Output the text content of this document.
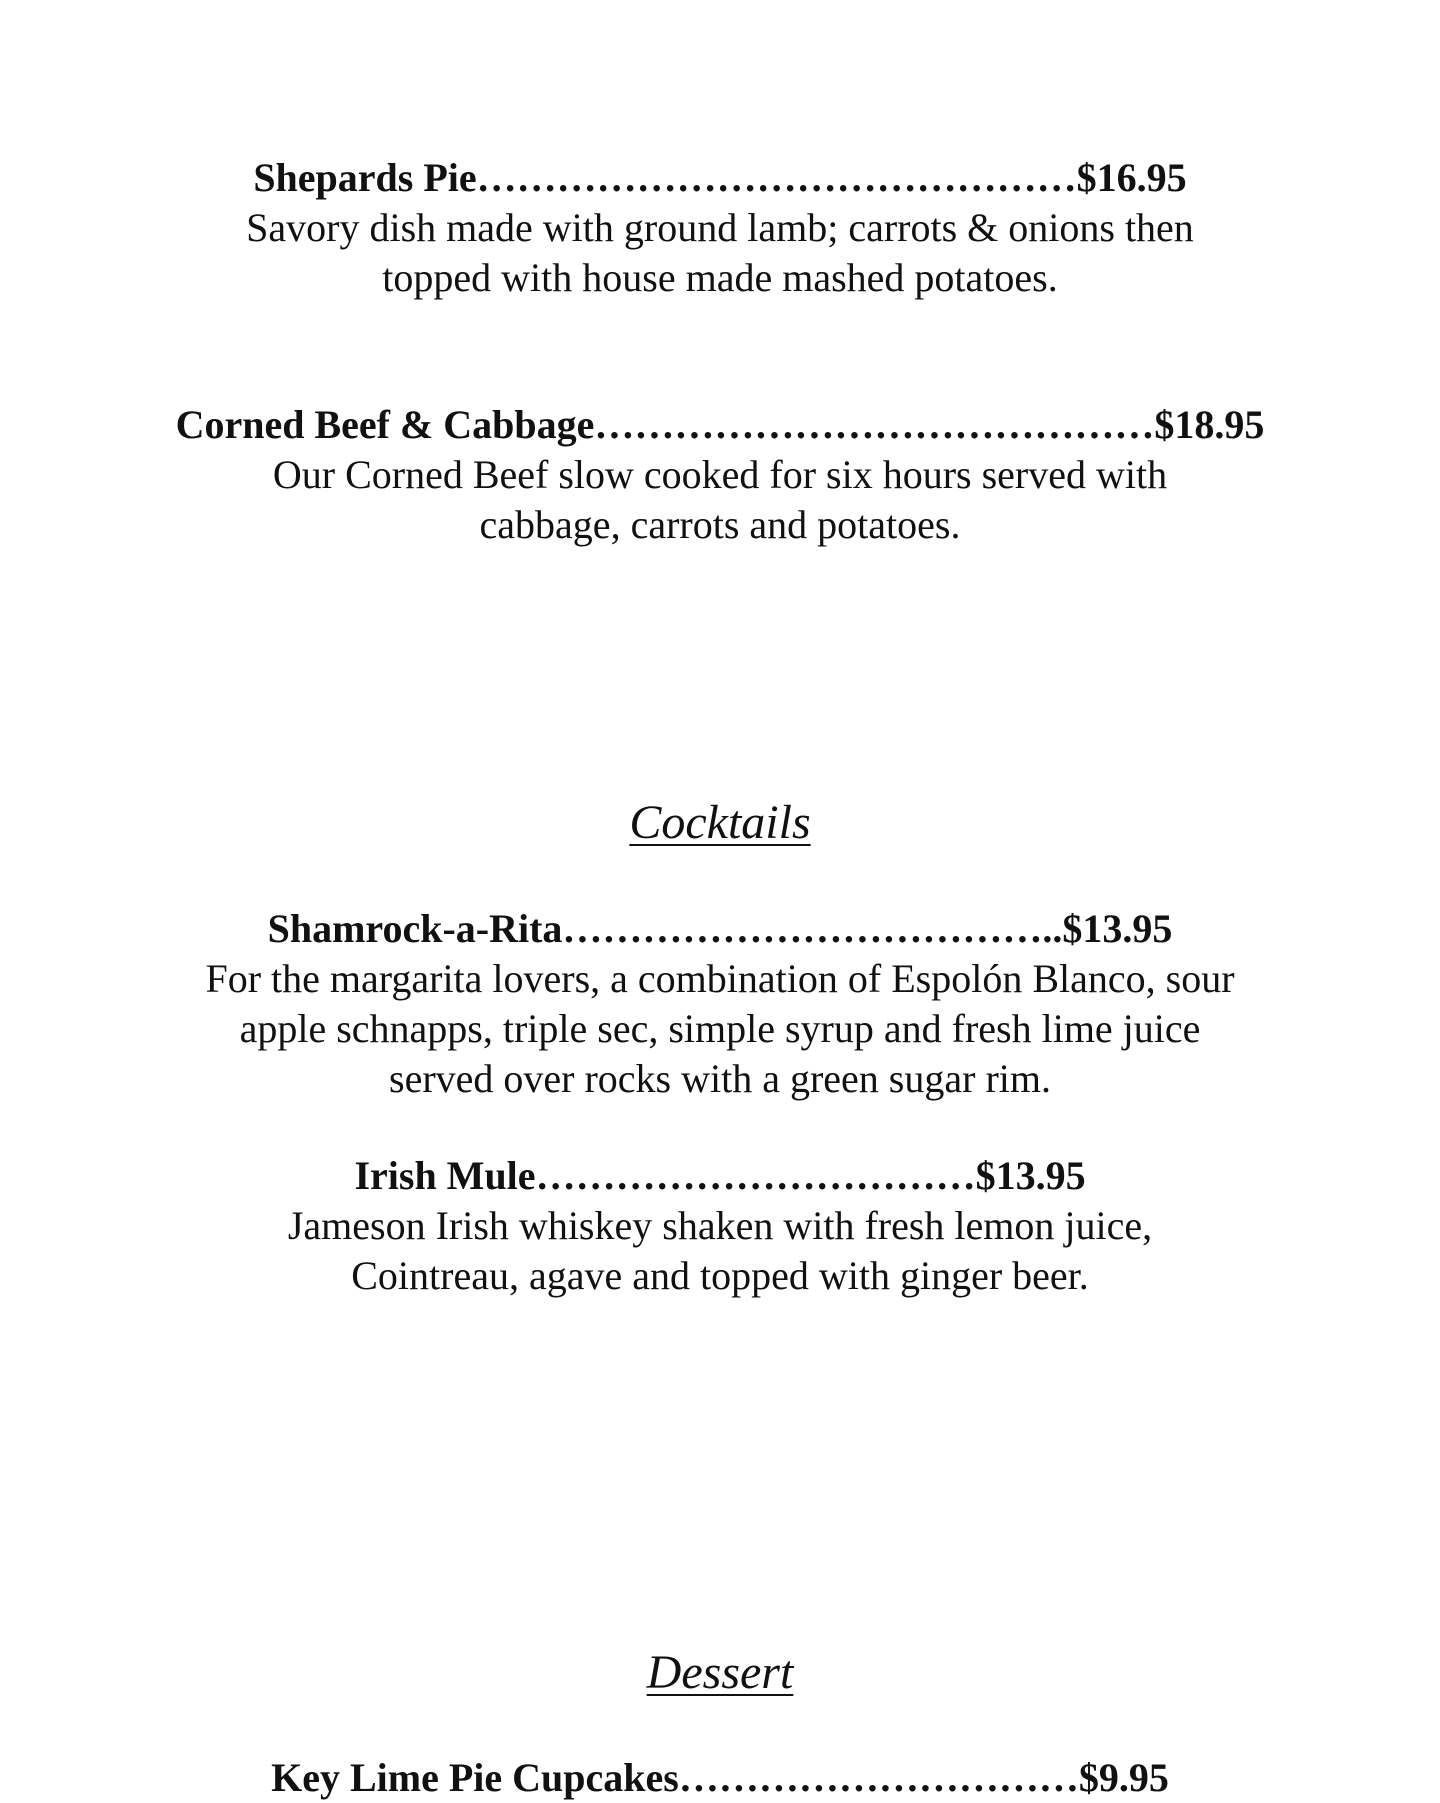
Shepards Pie………………………………………$16.95
Savory dish made with ground lamb; carrots & onions then
topped with house made mashed potatoes.
Corned Beef & Cabbage……………………………………$18.95
Our Corned Beef slow cooked for six hours served with
cabbage, carrots and potatoes.
Cocktails
Shamrock-a-Rita………………………………..$13.95
For the margarita lovers, a combination of Espolón Blanco, sour
apple schnapps, triple sec, simple syrup and fresh lime juice
served over rocks with a green sugar rim.
Irish Mule……………………………$13.95
Jameson Irish whiskey shaken with fresh lemon juice,
Cointreau, agave and topped with ginger beer.
Dessert
Key Lime Pie Cupcakes…………………………$9.95
